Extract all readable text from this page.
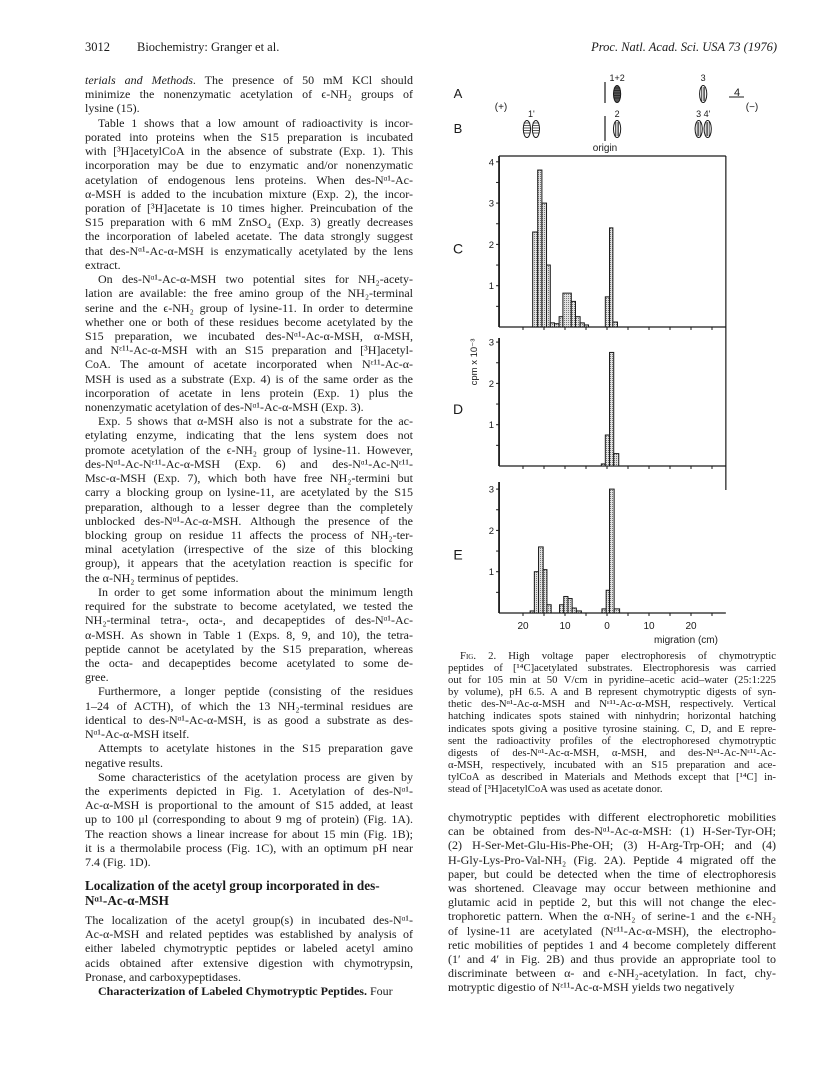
3012 Biochemistry: Granger et al.	Proc. Natl. Acad. Sci. USA 73 (1976)
terials and Methods. The presence of 50 mM KCl should
minimize the nonenzymatic acetylation of ϵ-NH₂ groups of
lysine (15).
Table 1 shows that a low amount of radioactivity is incor-
porated into proteins when the S15 preparation is incubated
with [³H]acetylCoA in the absence of substrate (Exp. 1). This
incorporation may be due to enzymatic and/or nonenzymatic
acetylation of endogenous lens proteins. When des-Nᵅ¹-Ac-
α-MSH is added to the incubation mixture (Exp. 2), the incor-
poration of [³H]acetate is 10 times higher. Preincubation of the
S15 preparation with 6 mM ZnSO₄ (Exp. 3) greatly decreases
the incorporation of labeled acetate. The data strongly suggest
that des-Nᵅ¹-Ac-α-MSH is enzymatically acetylated by the lens
extract.
On des-Nᵅ¹-Ac-α-MSH two potential sites for NH₂-acety-
lation are available: the free amino group of the NH₂-terminal
serine and the ϵ-NH₂ group of lysine-11. In order to determine
whether one or both of these residues become acetylated by the
S15 preparation, we incubated des-Nᵅ¹-Ac-α-MSH, α-MSH,
and Nᵋ¹¹-Ac-α-MSH with an S15 preparation and [³H]acetyl-
CoA. The amount of acetate incorporated when Nᵋ¹¹-Ac-α-
MSH is used as a substrate (Exp. 4) is of the same order as the
incorporation of acetate in lens protein (Exp. 1) plus the
nonenzymatic acetylation of des-Nᵅ¹-Ac-α-MSH (Exp. 3).
Exp. 5 shows that α-MSH also is not a substrate for the ac-
etylating enzyme, indicating that the lens system does not
promote acetylation of the ϵ-NH₂ group of lysine-11. However,
des-Nᵅ¹-Ac-Nᵋ¹¹-Ac-α-MSH (Exp. 6) and des-Nᵅ¹-Ac-Nᵋ¹¹-
Msc-α-MSH (Exp. 7), which both have free NH₂-termini but
carry a blocking group on lysine-11, are acetylated by the S15
preparation, although to a lesser degree than the completely
unblocked des-Nᵅ¹-Ac-α-MSH. Although the presence of the
blocking group on residue 11 affects the process of NH₂-ter-
minal acetylation (irrespective of the size of this blocking
group), it appears that the acetylation reaction is specific for
the α-NH₂ terminus of peptides.
In order to get some information about the minimum length
required for the substrate to become acetylated, we tested the
NH₂-terminal tetra-, octa-, and decapeptides of des-Nᵅ¹-Ac-
α-MSH. As shown in Table 1 (Exps. 8, 9, and 10), the tetra-
peptide cannot be acetylated by the S15 preparation, whereas
the octa- and decapeptides become acetylated to some de-
gree.
Furthermore, a longer peptide (consisting of the residues
1–24 of ACTH), of which the 13 NH₂-terminal residues are
identical to des-Nᵅ¹-Ac-α-MSH, is as good a substrate as des-
Nᵅ¹-Ac-α-MSH itself.
Attempts to acetylate histones in the S15 preparation gave
negative results.
Some characteristics of the acetylation process are given by
the experiments depicted in Fig. 1. Acetylation of des-Nᵅ¹-
Ac-α-MSH is proportional to the amount of S15 added, at least
up to 100 μl (corresponding to about 9 mg of protein) (Fig. 1A).
The reaction shows a linear increase for about 15 min (Fig. 1B);
it is a thermolabile process (Fig. 1C), with an optimum pH near
7.4 (Fig. 1D).
Localization of the acetyl group incorporated in des-
Nᵅ¹-Ac-α-MSH
The localization of the acetyl group(s) in incubated des-Nᵅ¹-
Ac-α-MSH and related peptides was established by analysis of
either labeled chymotryptic peptides or labeled acetyl amino
acids obtained after extensive digestion with chymotrypsin,
Pronase, and carboxypeptidases.
Characterization of Labeled Chymotryptic Peptides. Four
Fig. 2. High voltage paper electrophoresis of chymotryptic
peptides of [¹⁴C]acetylated substrates. Electrophoresis was carried
out for 105 min at 50 V/cm in pyridine–acetic acid–water (25:1:225
by volume), pH 6.5. A and B represent chymotryptic digests of syn-
thetic des-Nᵅ¹-Ac-α-MSH and Nᵋ¹¹-Ac-α-MSH, respectively. Vertical
hatching indicates spots stained with ninhydrin; horizontal hatching
indicates spots giving a positive tyrosine staining. C, D, and E repre-
sent the radioactivity profiles of the electrophoresed chymotryptic
digests of des-Nᵅ¹-Ac-α-MSH, α-MSH, and des-Nᵅ¹-Ac-Nᵋ¹¹-Ac-
α-MSH, respectively, incubated with an S15 preparation and ace-
tylCoA as described in Materials and Methods except that [¹⁴C] in-
stead of [³H]acetylCoA was used as acetate donor.
chymotryptic peptides with different electrophoretic mobilities
can be obtained from des-Nᵅ¹-Ac-α-MSH: (1) H-Ser-Tyr-OH;
(2) H-Ser-Met-Glu-His-Phe-OH; (3) H-Arg-Trp-OH; and (4)
H-Gly-Lys-Pro-Val-NH₂ (Fig. 2A). Peptide 4 migrated off the
paper, but could be detected when the time of electrophoresis
was shortened. Cleavage may occur between methionine and
glutamic acid in peptide 2, but this will not change the elec-
trophoretic pattern. When the α-NH₂ of serine-1 and the ϵ-NH₂
of lysine-11 are acetylated (Nᵋ¹¹-Ac-α-MSH), the electropho-
retic mobilities of peptides 1 and 4 become completely different
(1′ and 4′ in Fig. 2B) and thus provide an appropriate tool to
discriminate between α- and ϵ-NH₂-acetylation. In fact, chy-
motryptic digestio of Nᵋ¹¹-Ac-α-MSH yields two negatively
A
B
(+)	(−)
origin
1+2	3
1'	2	3 4'
4
C
1
2
3
4
D
1
2
3
E
1
2
3
20	10	0	10	20
migration (cm)
cpm x 10⁻³
